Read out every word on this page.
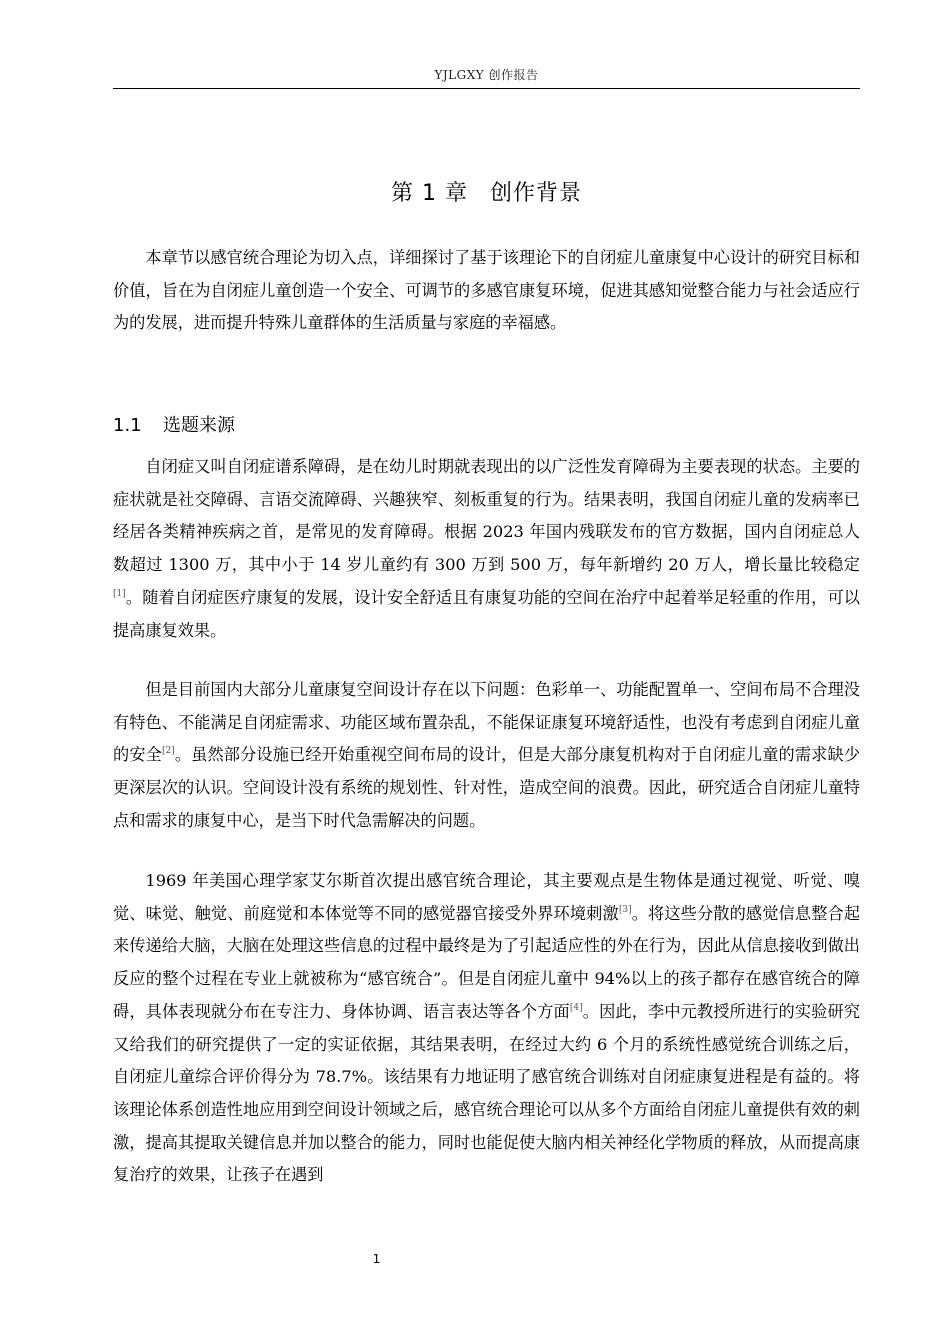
YJLGXY 创作报告
第 1 章 创作背景

本章节以感官统合理论为切入点，详细探讨了基于该理论下的自闭症儿童康复中心设计的研究目标和价值，旨在为自闭症儿童创造一个安全、可调节的多感官康复环境，促进其感知觉整合能力与社会适应行为的发展，进而提升特殊儿童群体的生活质量与家庭的幸福感。

1.1 选题来源

自闭症又叫自闭症谱系障碍，是在幼儿时期就表现出的以广泛性发育障碍为主要表现的状态。主要的症状就是社交障碍、言语交流障碍、兴趣狭窄、刻板重复的行为。结果表明，我国自闭症儿童的发病率已经居各类精神疾病之首，是常见的发育障碍。根据 2023 年国内残联发布的官方数据，国内自闭症总人数超过 1300 万，其中小于 14 岁儿童约有 300 万到 500 万，每年新增约 20 万人，增长量比较稳定[1]。随着自闭症医疗康复的发展，设计安全舒适且有康复功能的空间在治疗中起着举足轻重的作用，可以提高康复效果。

但是目前国内大部分儿童康复空间设计存在以下问题：色彩单一、功能配置单一、空间布局不合理没有特色、不能满足自闭症需求、功能区域布置杂乱，不能保证康复环境舒适性，也没有考虑到自闭症儿童的安全[2]。虽然部分设施已经开始重视空间布局的设计，但是大部分康复机构对于自闭症儿童的需求缺少更深层次的认识。空间设计没有系统的规划性、针对性，造成空间的浪费。因此，研究适合自闭症儿童特点和需求的康复中心，是当下时代急需解决的问题。

1969 年美国心理学家艾尔斯首次提出感官统合理论，其主要观点是生物体是通过视觉、听觉、嗅觉、味觉、触觉、前庭觉和本体觉等不同的感觉器官接受外界环境刺激[3]。将这些分散的感觉信息整合起来传递给大脑，大脑在处理这些信息的过程中最终是为了引起适应性的外在行为，因此从信息接收到做出反应的整个过程在专业上就被称为“感官统合”。但是自闭症儿童中 94%以上的孩子都存在感官统合的障碍，具体表现就分布在专注力、身体协调、语言表达等各个方面[4]。因此，李中元教授所进行的实验研究又给我们的研究提供了一定的实证依据，其结果表明，在经过大约 6 个月的系统性感觉统合训练之后，自闭症儿童综合评价得分为 78.7%。该结果有力地证明了感官统合训练对自闭症康复进程是有益的。将该理论体系创造性地应用到空间设计领域之后，感官统合理论可以从多个方面给自闭症儿童提供有效的刺激，提高其提取关键信息并加以整合的能力，同时也能促使大脑内相关神经化学物质的释放，从而提高康复治疗的效果，让孩子在遇到

1
